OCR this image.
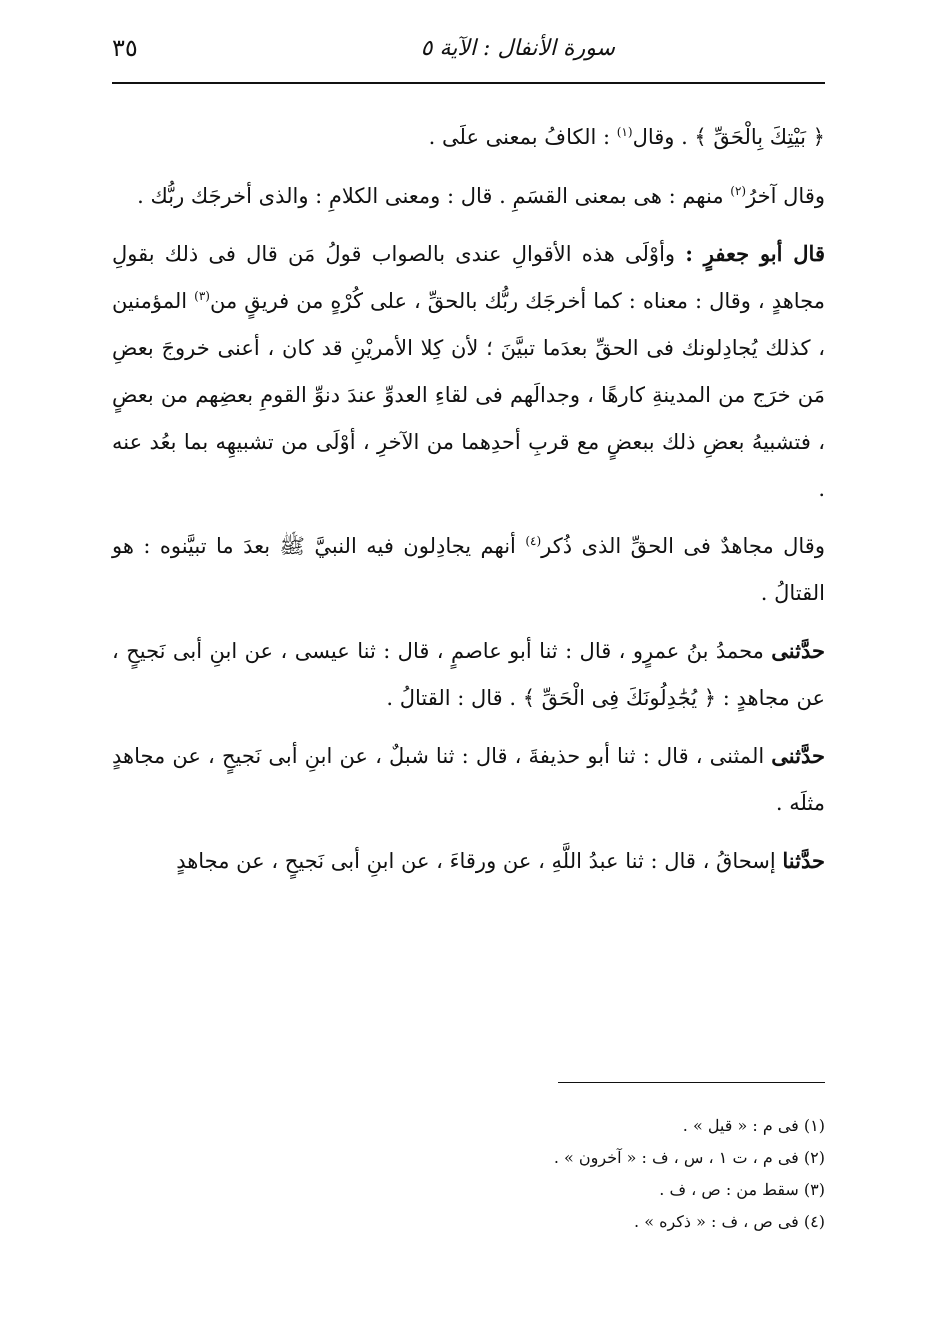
سورة الأنفال : الآية ٥
٣٥

﴿ بَيْتِكَ بِالْحَقِّ ﴾ . وقال$^{(١)}$ : الكافُ بمعنى علَى .

وقال آخرُ$^{(٢)}$ منهم : هى بمعنى القسَمِ . قال : ومعنى الكلامِ : والذى أخرجَك ربُّك .

قال أبو جعفرٍ : وأوْلَى هذه الأقوالِ عندى بالصواب قولُ مَن قال فى ذلك بقولِ مجاهدٍ ، وقال : معناه : كما أخرجَك ربُّك بالحقِّ ، على كُرْهٍ من فريقٍ من$^{(٣)}$ المؤمنين ، كذلك يُجادِلونك فى الحقِّ بعدَما تبيَّنَ ؛ لأن كِلا الأمريْنِ قد كان ، أعنى خروجَ بعضِ مَن خرَج من المدينةِ كارهًا ، وجدالَهم فى لقاءِ العدوِّ عندَ دنوِّ القومِ بعضِهم من بعضٍ ، فتشبيهُ بعضِ ذلك ببعضٍ مع قربِ أحدِهما من الآخرِ ، أوْلَى من تشبيهِه بما بعُد عنه .

وقال مجاهدٌ فى الحقِّ الذى ذُكر$^{(٤)}$ أنهم يجادِلون فيه النبيَّ ﷺ بعدَ ما تبيَّنوه : هو القتالُ .

حدَّثنى محمدُ بنُ عمرٍو ، قال : ثنا أبو عاصمٍ ، قال : ثنا عيسى ، عن ابنِ أبى نَجيحٍ ، عن مجاهدٍ : ﴿ يُجَٰدِلُونَكَ فِى الْحَقِّ ﴾ . قال : القتالُ .

حدَّثنى المثنى ، قال : ثنا أبو حذيفةَ ، قال : ثنا شبلٌ ، عن ابنِ أبى نَجيحٍ ، عن مجاهدٍ مثلَه .

حدَّثنا إسحاقُ ، قال : ثنا عبدُ اللَّهِ ، عن ورقاءَ ، عن ابنِ أبى نَجيحٍ ، عن مجاهدٍ

(١) فى م : « قيل » .
(٢) فى م ، ت ١ ، س ، ف : « آخرون » .
(٣) سقط من : ص ، ف .
(٤) فى ص ، ف : « ذكره » .
